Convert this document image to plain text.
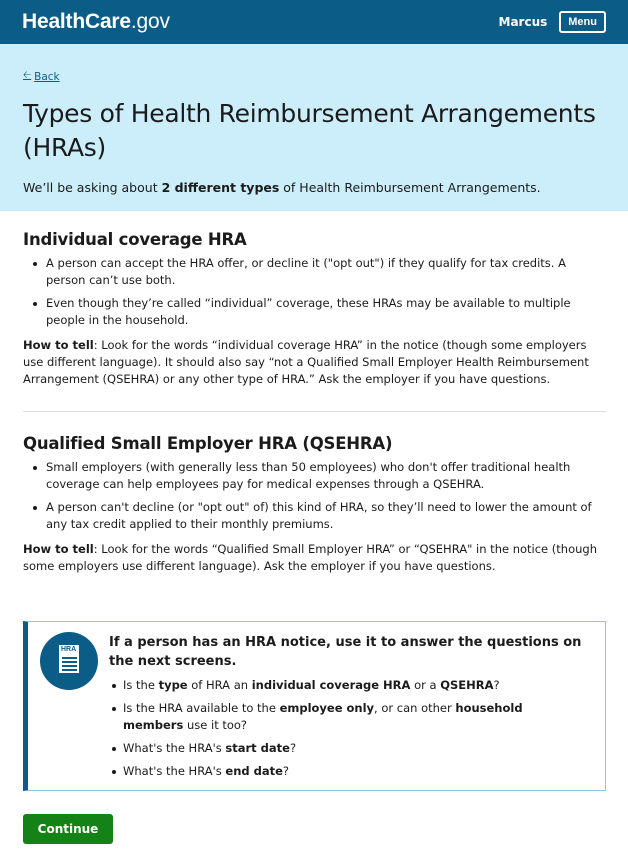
HealthCare.gov	Marcus	Menu
🡠 Back
Types of Health Reimbursement Arrangements (HRAs)

We’ll be asking about 2 different types of Health Reimbursement Arrangements.

Individual coverage HRA
A person can accept the HRA offer, or decline it ("opt out") if they qualify for tax credits. A person can’t use both.
Even though they’re called “individual” coverage, these HRAs may be available to multiple people in the household.

How to tell: Look for the words “individual coverage HRA” in the notice (though some employers use different language). It should also say “not a Qualified Small Employer Health Reimbursement Arrangement (QSEHRA) or any other type of HRA.” Ask the employer if you have questions.

Qualified Small Employer HRA (QSEHRA)
Small employers (with generally less than 50 employees) who don't offer traditional health coverage can help employees pay for medical expenses through a QSEHRA.
A person can't decline (or "opt out" of) this kind of HRA, so they’ll need to lower the amount of any tax credit applied to their monthly premiums.

How to tell: Look for the words “Qualified Small Employer HRA” or “QSEHRA" in the notice (though some employers use different language). Ask the employer if you have questions.

HRA	If a person has an HRA notice, use it to answer the questions on the next screens.
Is the type of HRA an individual coverage HRA or a QSEHRA?
Is the HRA available to the employee only, or can other household members use it too?
What's the HRA's start date?
What's the HRA's end date?
Continue
